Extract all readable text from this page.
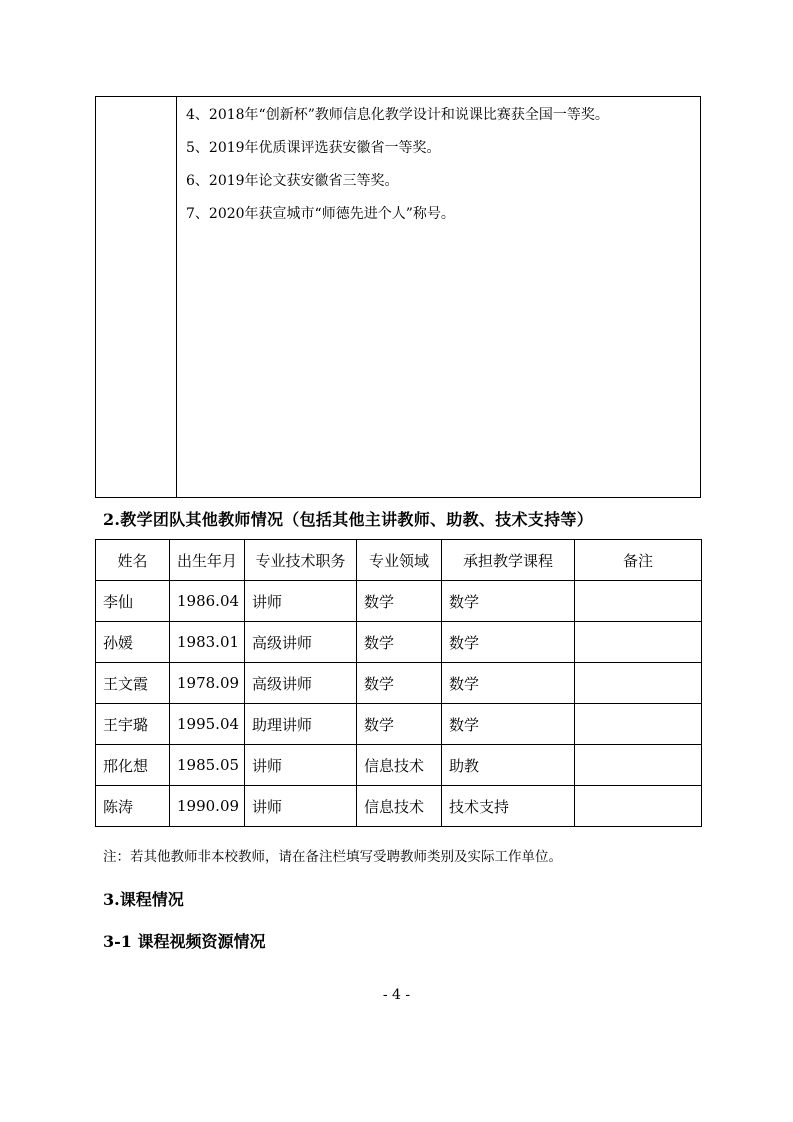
4、2018年“创新杯”教师信息化教学设计和说课比赛获全国一等奖。
5、2019年优质课评选获安徽省一等奖。
6、2019年论文获安徽省三等奖。
7、2020年获宣城市“师德先进个人”称号。
2.教学团队其他教师情况（包括其他主讲教师、助教、技术支持等）
姓名	出生年月	专业技术职务	专业领域	承担教学课程	备注
李仙	1986.04	讲师	数学	数学	
孙媛	1983.01	高级讲师	数学	数学	
王文霞	1978.09	高级讲师	数学	数学	
王宇璐	1995.04	助理讲师	数学	数学	
邢化想	1985.05	讲师	信息技术	助教	
陈涛	1990.09	讲师	信息技术	技术支持	
注：若其他教师非本校教师，请在备注栏填写受聘教师类别及实际工作单位。
3.课程情况
3-1 课程视频资源情况
- 4 -
